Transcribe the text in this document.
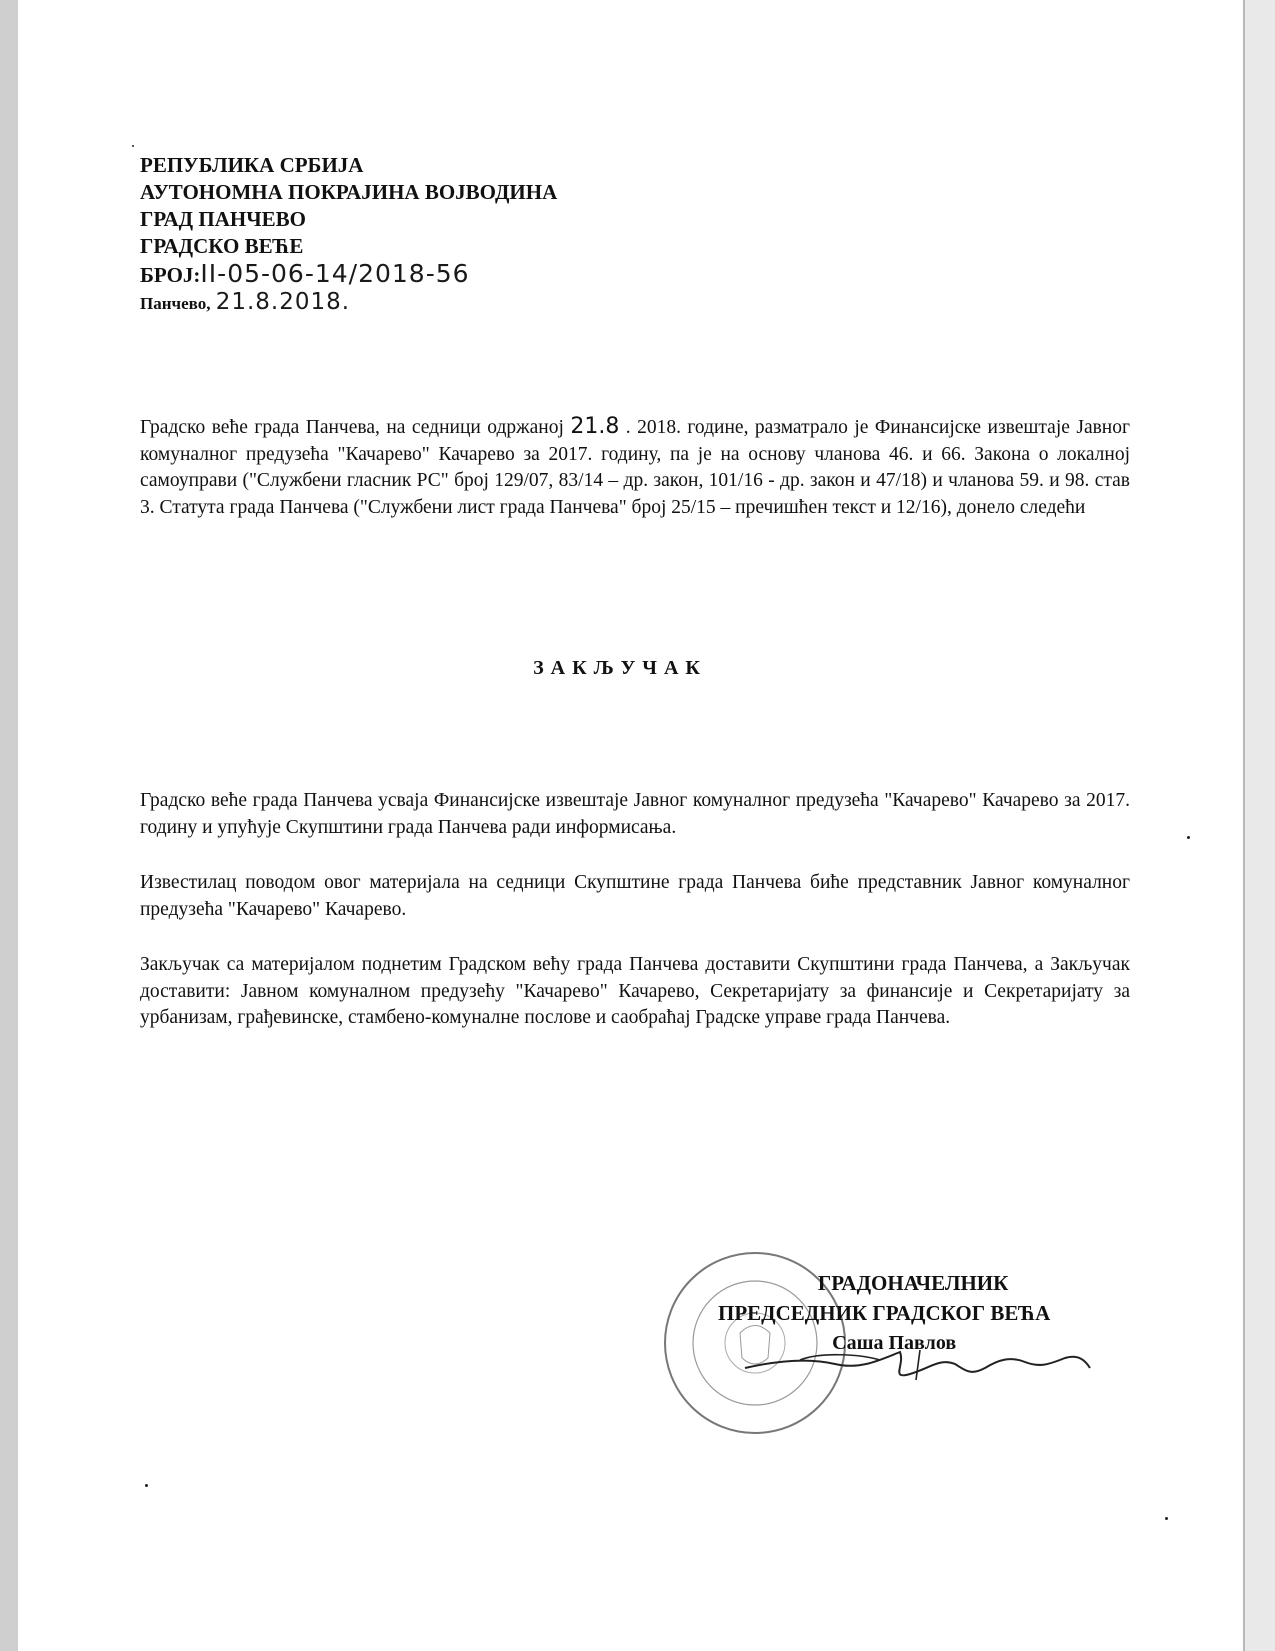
РЕПУБЛИКА СРБИЈА
АУТОНОМНА ПОКРАЈИНА ВОЈВОДИНА
ГРАД ПАНЧЕВО
ГРАДСКО ВЕЋЕ
БРОЈ:II-05-06-14/2018-56
Панчево, 21.8.2018.
Градско веће града Панчева, на седници одржаној 21.8 . 2018. године, разматрало је Финансијске извештаје Јавног комуналног предузећа "Качарево" Качарево за 2017. годину, па је на основу чланова 46. и 66. Закона о локалној самоуправи ("Службени гласник РС" број 129/07, 83/14 – др. закон, 101/16 - др. закон и 47/18) и чланова 59. и 98. став 3. Статута града Панчева ("Службени лист града Панчева" број 25/15 – пречишћен текст и 12/16), донело следећи
ЗАКЉУЧАК
Градско веће града Панчева усваја Финансијске извештаје Јавног комуналног предузећа "Качарево" Качарево за 2017. годину и упућује Скупштини града Панчева ради информисања.
Известилац поводом овог материјала на седници Скупштине града Панчева биће представник Јавног комуналног предузећа "Качарево" Качарево.
Закључак са материјалом поднетим Градском већу града Панчева доставити Скупштини града Панчева, а Закључак доставити: Јавном комуналном предузећу "Качарево" Качарево, Секретаријату за финансије и Секретаријату за урбанизам, грађевинске, стамбено-комуналне послове и саобраћај Градске управе града Панчева.
ГРАДОНАЧЕЛНИК
ПРЕДСЕДНИК ГРАДСКОГ ВЕЋА
Саша Павлов
